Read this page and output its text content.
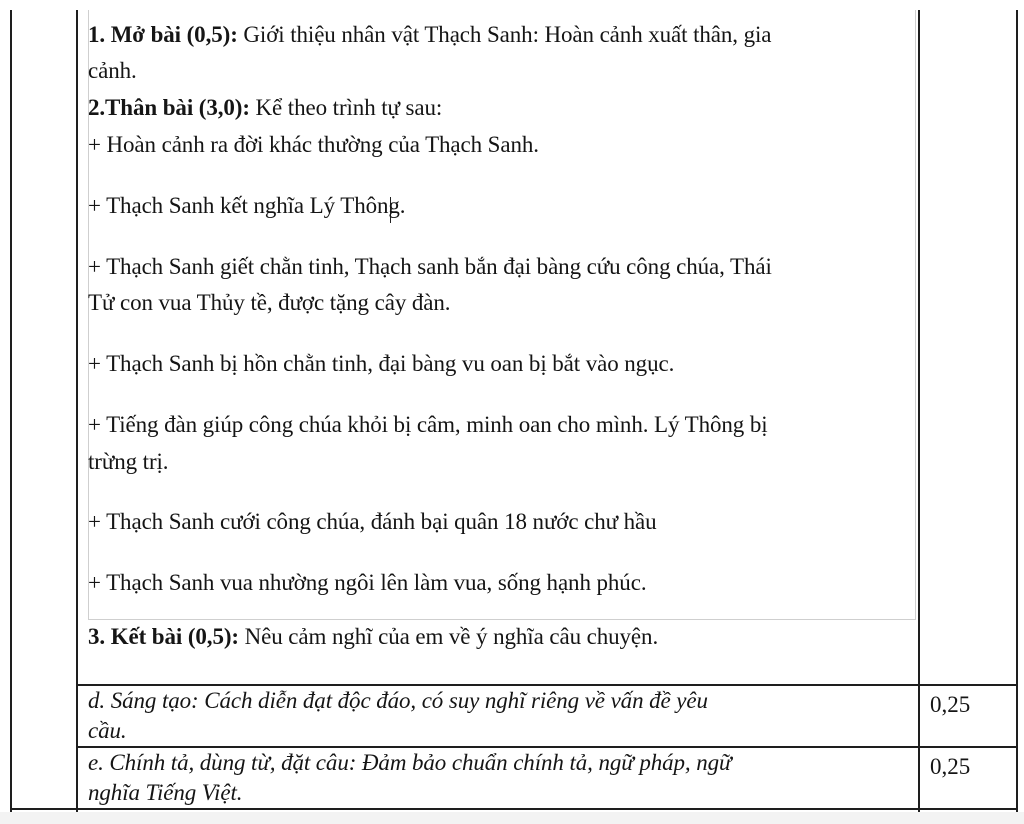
1. Mở bài (0,5): Giới thiệu nhân vật Thạch Sanh: Hoàn cảnh xuất thân, gia
cảnh.
2.Thân bài (3,0): Kể theo trình tự sau:
+ Hoàn cảnh ra đời khác thường của Thạch Sanh.
+ Thạch Sanh kết nghĩa Lý Thông.
+ Thạch Sanh giết chằn tinh, Thạch sanh bắn đại bàng cứu công chúa, Thái
Tử con vua Thủy tề, được tặng cây đàn.
+ Thạch Sanh bị hồn chằn tinh, đại bàng vu oan bị bắt vào ngục.
+ Tiếng đàn giúp công chúa khỏi bị câm, minh oan cho mình. Lý Thông bị
trừng trị.
+ Thạch Sanh cưới công chúa, đánh bại quân 18 nước chư hầu
+ Thạch Sanh vua nhường ngôi lên làm vua, sống hạnh phúc.
3. Kết bài (0,5): Nêu cảm nghĩ của em về ý nghĩa câu chuyện.
d. Sáng tạo: Cách diễn đạt độc đáo, có suy nghĩ riêng về vấn đề yêu
cầu.
0,25
e. Chính tả, dùng từ, đặt câu: Đảm bảo chuẩn chính tả, ngữ pháp, ngữ
nghĩa Tiếng Việt.
0,25
